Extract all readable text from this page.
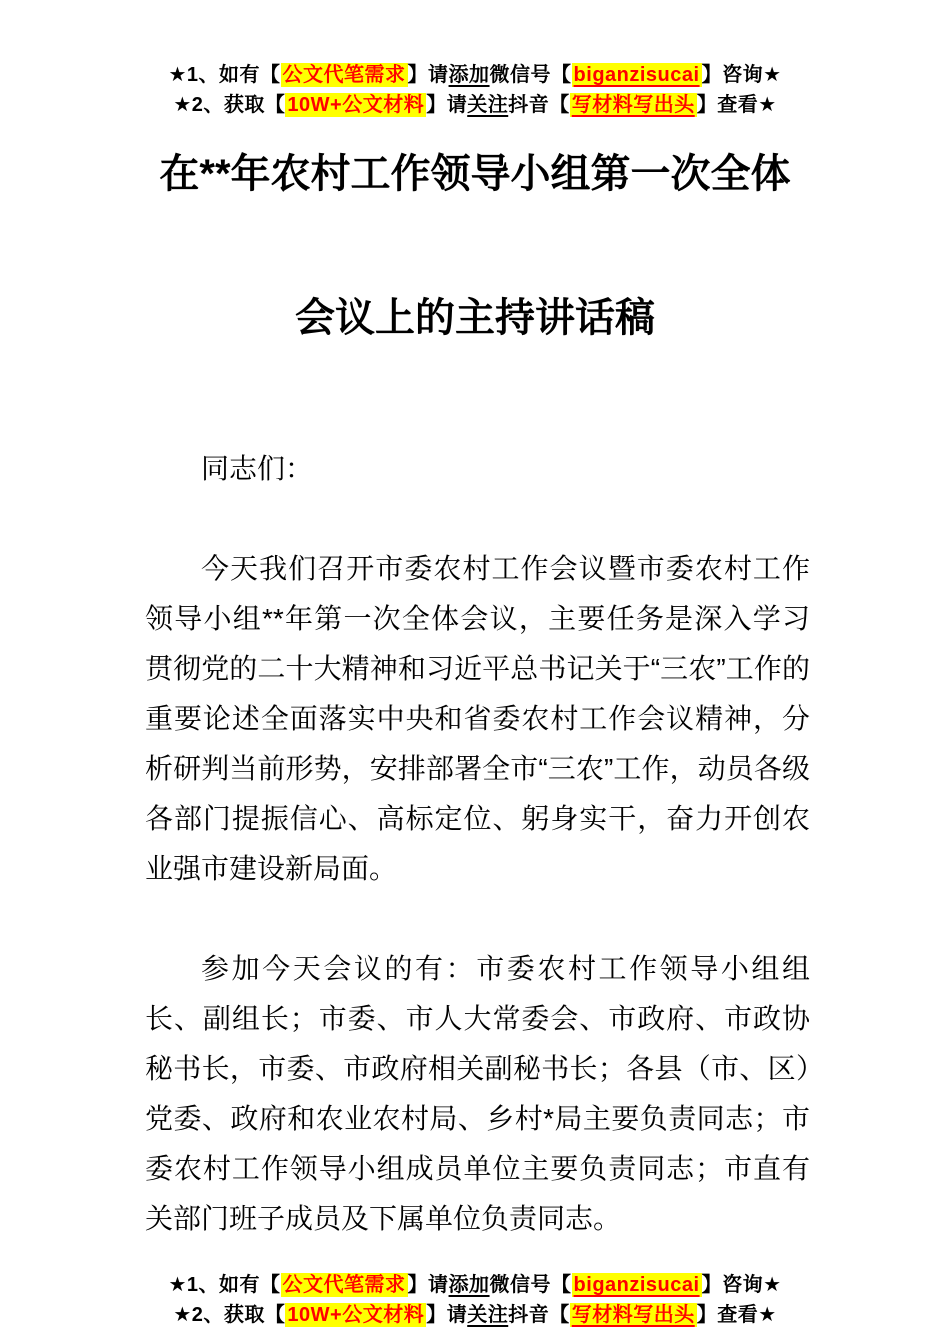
★1、如有【 公文代笔需求 】请添加微信号【 biganzisucai 】咨询★
★2、获取【 10W+公文材料 】请关注抖音【 写材料写出头 】查看★
在**年农村工作领导小组第一次全体
会议上的主持讲话稿

同志们：

今天我们召开市委农村工作会议暨市委农村工作领导小组**年第一次全体会议，主要任务是深入学习贯彻党的二十大精神和习近平总书记关于“三农”工作的重要论述全面落实中央和省委农村工作会议精神，分析研判当前形势，安排部署全市“三农”工作，动员各级各部门提振信心、高标定位、躬身实干，奋力开创农业强市建设新局面。

参加今天会议的有：市委农村工作领导小组组长、副组长；市委、市人大常委会、市政府、市政协秘书长，市委、市政府相关副秘书长；各县（市、区）党委、政府和农业农村局、乡村*局主要负责同志；市委农村工作领导小组成员单位主要负责同志；市直有关部门班子成员及下属单位负责同志。

★1、如有【 公文代笔需求 】请添加微信号【 biganzisucai 】咨询★
★2、获取【 10W+公文材料 】请关注抖音【 写材料写出头 】查看★
